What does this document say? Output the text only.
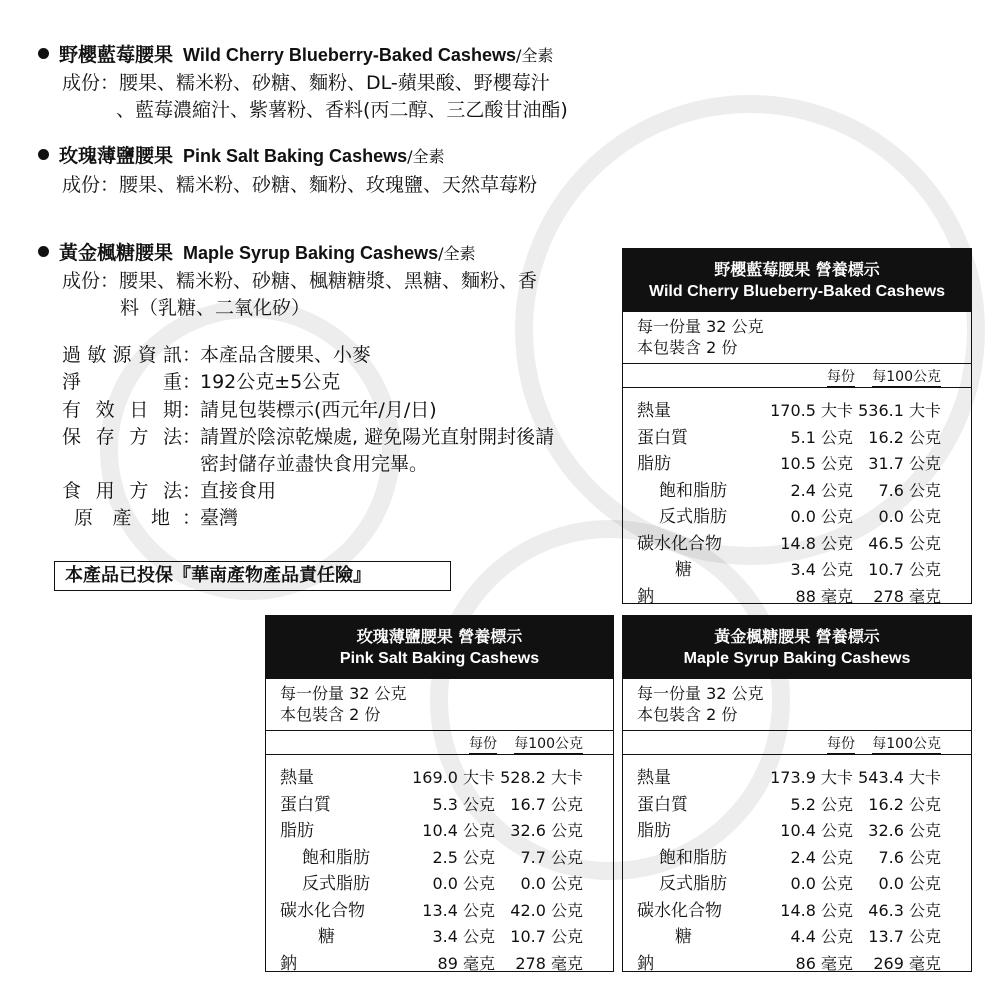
野櫻藍莓腰果 Wild Cherry Blueberry-Baked Cashews/全素
成份：腰果、糯米粉、砂糖、麵粉、DL-蘋果酸、野櫻莓汁
、藍莓濃縮汁、紫薯粉、香料(丙二醇、三乙酸甘油酯)
玫瑰薄鹽腰果 Pink Salt Baking Cashews/全素
成份：腰果、糯米粉、砂糖、麵粉、玫瑰鹽、天然草莓粉
黃金楓糖腰果 Maple Syrup Baking Cashews/全素
成份：腰果、糯米粉、砂糖、楓糖糖漿、黑糖、麵粉、香
料（乳糖、二氧化矽）
過敏源資訊：本產品含腰果、小麥
淨重：192公克±5公克
有效日期：請見包裝標示(西元年/月/日)
保存方法：請置於陰涼乾燥處, 避免陽光直射開封後請
密封儲存並盡快食用完畢。
食用方法：直接食用
原產地 ：臺灣
本產品已投保『華南產物產品責任險』
野櫻藍莓腰果 營養標示
Wild Cherry Blueberry-Baked Cashews
每一份量 32 公克
本包裝含 2 份
每份 每100公克
熱量	170.5 大卡 536.1 大卡
蛋白質	5.1 公克 16.2 公克
脂肪	10.5 公克 31.7 公克
飽和脂肪	2.4 公克 7.6 公克
反式脂肪	0.0 公克 0.0 公克
碳水化合物	14.8 公克 46.5 公克
糖	3.4 公克 10.7 公克
鈉	88 毫克 278 毫克
玫瑰薄鹽腰果 營養標示
Pink Salt Baking Cashews
每一份量 32 公克
本包裝含 2 份
每份 每100公克
熱量	169.0 大卡 528.2 大卡
蛋白質	5.3 公克 16.7 公克
脂肪	10.4 公克 32.6 公克
飽和脂肪	2.5 公克 7.7 公克
反式脂肪	0.0 公克 0.0 公克
碳水化合物	13.4 公克 42.0 公克
糖	3.4 公克 10.7 公克
鈉	89 毫克 278 毫克
黃金楓糖腰果 營養標示
Maple Syrup Baking Cashews
每一份量 32 公克
本包裝含 2 份
每份 每100公克
熱量	173.9 大卡 543.4 大卡
蛋白質	5.2 公克 16.2 公克
脂肪	10.4 公克 32.6 公克
飽和脂肪	2.4 公克 7.6 公克
反式脂肪	0.0 公克 0.0 公克
碳水化合物	14.8 公克 46.3 公克
糖	4.4 公克 13.7 公克
鈉	86 毫克 269 毫克
